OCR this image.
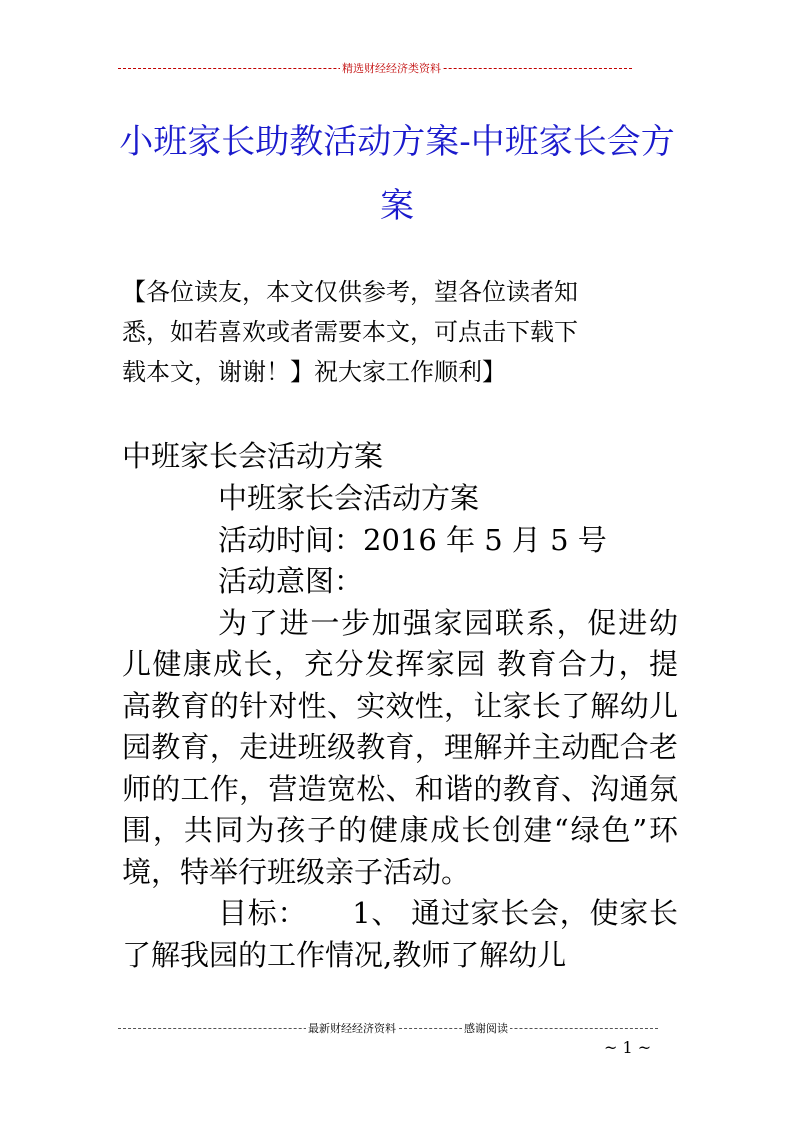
精选财经经济类资料
小班家长助教活动方案-中班家长会方案
【各位读友，本文仅供参考，望各位读者知悉，如若喜欢或者需要本文，可点击下载下载本文，谢谢！】祝大家工作顺利】
中班家长会活动方案

中班家长会活动方案

活动时间：2016 年 5 月 5 号

活动意图：

为了进一步加强家园联系，促进幼儿健康成长，充分发挥家园 教育合力，提高教育的针对性、实效性，让家长了解幼儿园教育，走进班级教育，理解并主动配合老师的工作，营造宽松、和谐的教育、沟通氛围，共同为孩子的健康成长创建“绿色”环境，特举行班级亲子活动。

目标：　　1、 通过家长会，使家长了解我园的工作情况,教师了解幼儿

最新财经经济资料	感谢阅读
~ 1 ~
